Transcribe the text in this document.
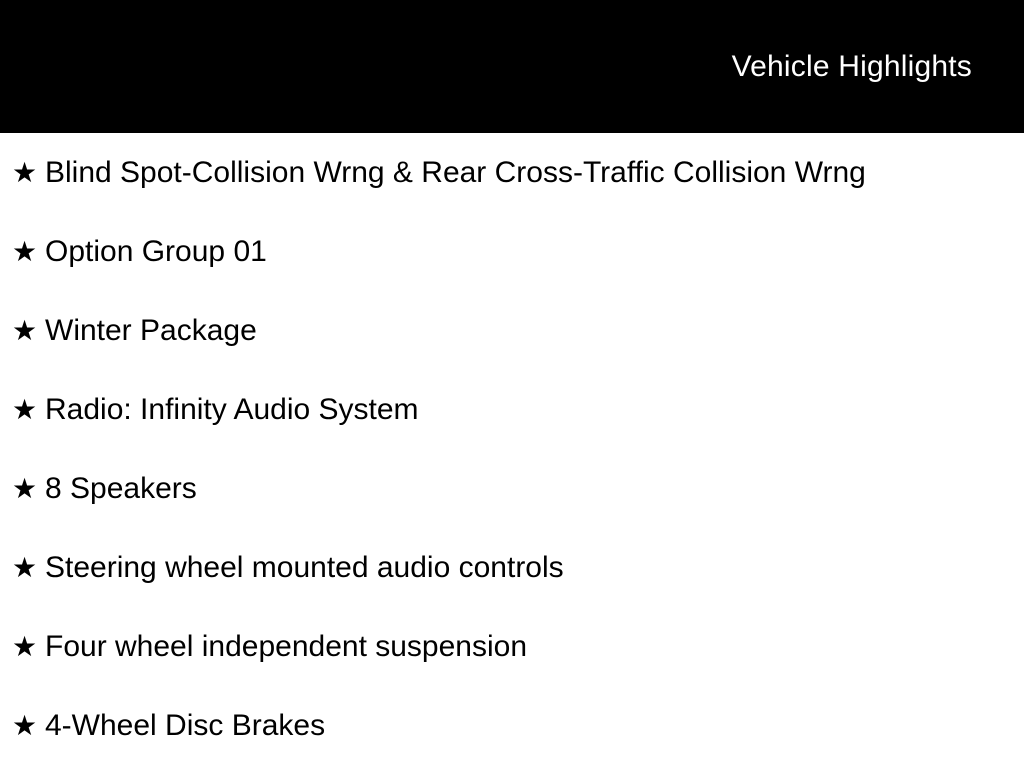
Vehicle Highlights
★ Blind Spot-Collision Wrng & Rear Cross-Traffic Collision Wrng
★ Option Group 01
★ Winter Package
★ Radio: Infinity Audio System
★ 8 Speakers
★ Steering wheel mounted audio controls
★ Four wheel independent suspension
★ 4-Wheel Disc Brakes
